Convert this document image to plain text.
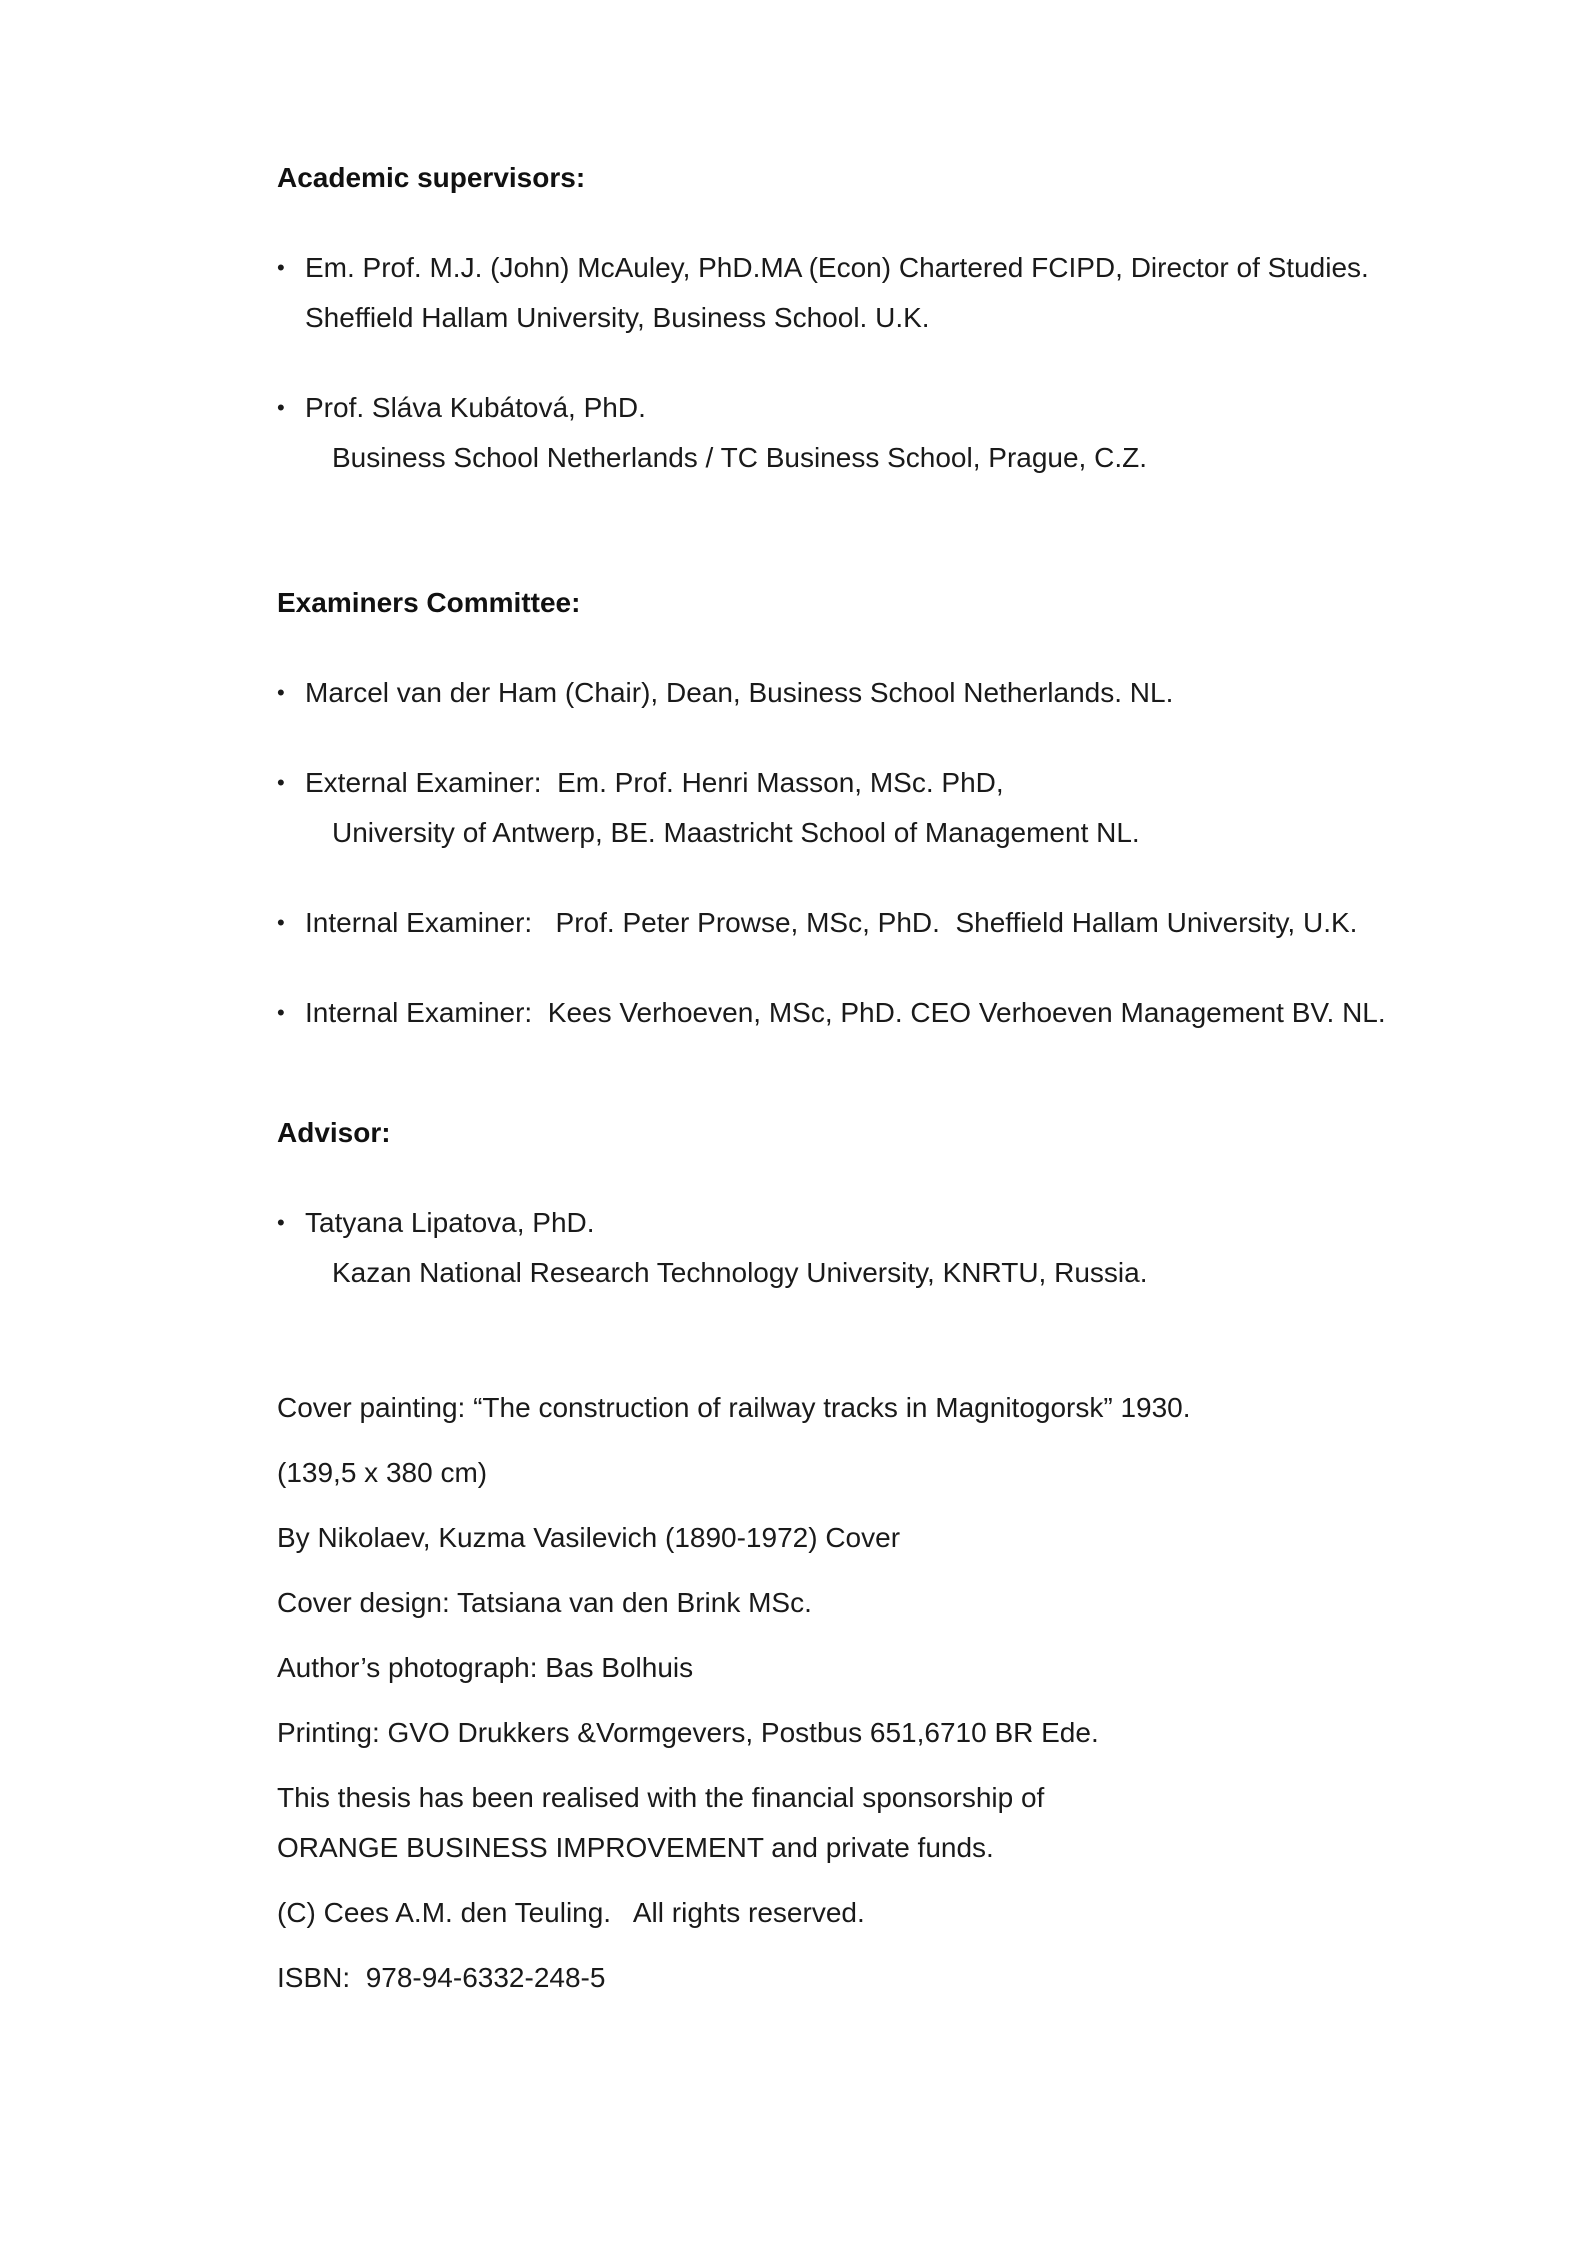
Academic supervisors:
• Em. Prof. M.J. (John) McAuley, PhD.MA (Econ) Chartered FCIPD, Director of Studies.
Sheffield Hallam University, Business School. U.K.
• Prof. Sláva Kubátová, PhD.
Business School Netherlands / TC Business School, Prague, C.Z.
Examiners Committee:
• Marcel van der Ham (Chair), Dean, Business School Netherlands. NL.
• External Examiner:  Em. Prof. Henri Masson, MSc. PhD,
University of Antwerp, BE. Maastricht School of Management NL.
• Internal Examiner:   Prof. Peter Prowse, MSc, PhD.  Sheffield Hallam University, U.K.
• Internal Examiner:  Kees Verhoeven, MSc, PhD. CEO Verhoeven Management BV. NL.
Advisor:
• Tatyana Lipatova, PhD.
Kazan National Research Technology University, KNRTU, Russia.
Cover painting: “The construction of railway tracks in Magnitogorsk” 1930.
(139,5 x 380 cm)
By Nikolaev, Kuzma Vasilevich (1890-1972) Cover
Cover design: Tatsiana van den Brink MSc.
Author’s photograph: Bas Bolhuis
Printing: GVO Drukkers &Vormgevers, Postbus 651,6710 BR Ede.
This thesis has been realised with the financial sponsorship of
ORANGE BUSINESS IMPROVEMENT and private funds.
(C) Cees A.M. den Teuling.   All rights reserved.
ISBN:  978-94-6332-248-5
